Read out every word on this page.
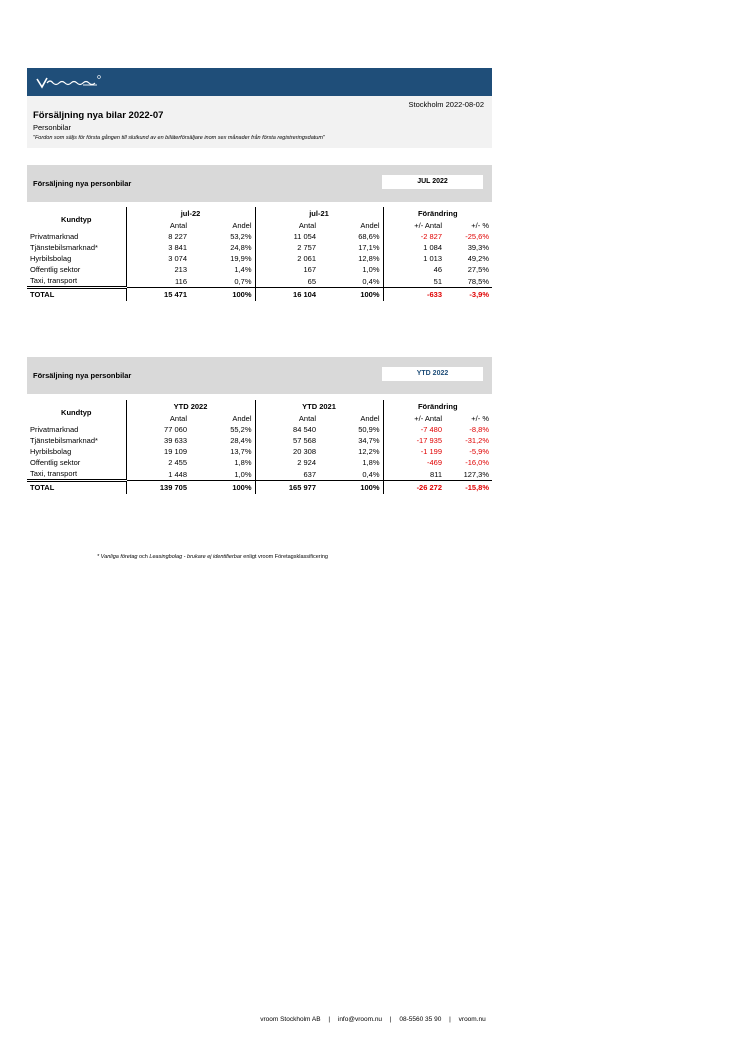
Stockholm 2022-08-02
Försäljning nya bilar 2022-07
Personbilar
"Fordon som säljs för första gången till slutkund av en biläterförsäljare inom sex månader från första registreringsdatum"
Försäljning nya personbilar	JUL 2022
Kundtyp	jul-22		jul-21		Förändring	
	Antal	Andel	Antal	Andel	+/- Antal	+/- %
Privatmarknad	8 227	53,2%	11 054	68,6%	-2 827	-25,6%
Tjänstebilsmarknad*	3 841	24,8%	2 757	17,1%	1 084	39,3%
Hyrbilsbolag	3 074	19,9%	2 061	12,8%	1 013	49,2%
Offentlig sektor	213	1,4%	167	1,0%	46	27,5%
Taxi, transport	116	0,7%	65	0,4%	51	78,5%
TOTAL	15 471	100%	16 104	100%	-633	-3,9%
Försäljning nya personbilar	YTD 2022
Kundtyp	YTD 2022		YTD 2021		Förändring	
	Antal	Andel	Antal	Andel	+/- Antal	+/- %
Privatmarknad	77 060	55,2%	84 540	50,9%	-7 480	-8,8%
Tjänstebilsmarknad*	39 633	28,4%	57 568	34,7%	-17 935	-31,2%
Hyrbilsbolag	19 109	13,7%	20 308	12,2%	-1 199	-5,9%
Offentlig sektor	2 455	1,8%	2 924	1,8%	-469	-16,0%
Taxi, transport	1 448	1,0%	637	0,4%	811	127,3%
TOTAL	139 705	100%	165 977	100%	-26 272	-15,8%
* Vanliga företag och Leasingbolag - brukare ej identifierbar enligt vroom Företagsklassificering
vroom Stockholm AB | info@vroom.nu | 08-5560 35 90 | vroom.nu
